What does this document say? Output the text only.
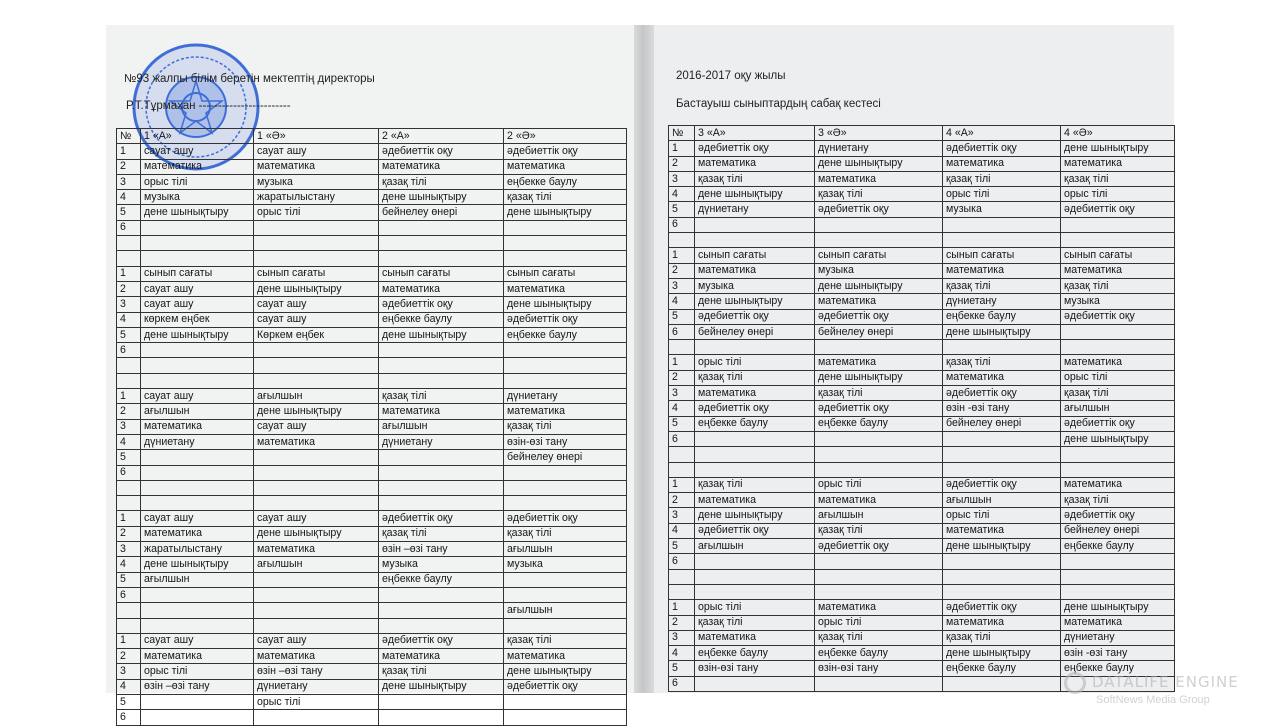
№93 жалпы білім беретін мектептің директоры
Р.Т.Тұрмахан ------------------------
№	1 «А»	1 «Ә»	2 «А»	2 «Ә»
1	сауат ашу	сауат ашу	әдебиеттік оқу	әдебиеттік оқу
2	математика	математика	математика	математика
3	орыс тілі	музыка	қазақ тілі	еңбекке баулу
4	музыка	жаратылыстану	дене шынықтыру	қазақ тілі
5	дене шынықтыру	орыс тілі	бейнелеу өнері	дене шынықтыру
6				

1	сынып сағаты	сынып сағаты	сынып сағаты	сынып сағаты
2	сауат ашу	дене шынықтыру	математика	математика
3	сауат ашу	сауат ашу	әдебиеттік оқу	дене шынықтыру
4	көркем еңбек	сауат ашу	еңбекке баулу	әдебиеттік оқу
5	дене шынықтыру	Көркем еңбек	дене шынықтыру	еңбекке баулу
6				

1	сауат ашу	ағылшын	қазақ тілі	дүниетану
2	ағылшын	дене шынықтыру	математика	математика
3	математика	сауат ашу	ағылшын	қазақ тілі
4	дүниетану	математика	дүниетану	өзін-өзі тану
5				бейнелеу өнері
6				

1	сауат ашу	сауат ашу	әдебиеттік оқу	әдебиеттік оқу
2	математика	дене шынықтыру	қазақ тілі	қазақ тілі
3	жаратылыстану	математика	өзін –өзі тану	ағылшын
4	дене шынықтыру	ағылшын	музыка	музыка
5	ағылшын		еңбекке баулу	
6				
				ағылшын

1	сауат ашу	сауат ашу	әдебиеттік оқу	қазақ тілі
2	математика	математика	математика	математика
3	орыс тілі	өзін –өзі тану	қазақ тілі	дене шынықтыру
4	өзін –өзі тану	дүниетану	дене шынықтыру	әдебиеттік оқу
5		орыс тілі		
6				
2016-2017 оқу жылы
Бастауыш сыныптардың сабақ кестесі
№	3 «А»	3 «Ә»	4 «А»	4 «Ә»
1	әдебиеттік оқу	дүниетану	әдебиеттік оқу	дене шынықтыру
2	математика	дене шынықтыру	математика	математика
3	қазақ тілі	математика	қазақ тілі	қазақ тілі
4	дене шынықтыру	қазақ тілі	орыс тілі	орыс тілі
5	дүниетану	әдебиеттік оқу	музыка	әдебиеттік оқу
6				

1	сынып сағаты	сынып сағаты	сынып сағаты	сынып сағаты
2	математика	музыка	математика	математика
3	музыка	дене шынықтыру	қазақ тілі	қазақ тілі
4	дене шынықтыру	математика	дүниетану	музыка
5	әдебиеттік оқу	әдебиеттік оқу	еңбекке баулу	әдебиеттік оқу
6	бейнелеу өнері	бейнелеу өнері	дене шынықтыру	

1	орыс тілі	математика	қазақ тілі	математика
2	қазақ тілі	дене шынықтыру	математика	орыс тілі
3	математика	қазақ тілі	әдебиеттік оқу	қазақ тілі
4	әдебиеттік оқу	әдебиеттік оқу	өзін -өзі тану	ағылшын
5	еңбекке баулу	еңбекке баулу	бейнелеу өнері	әдебиеттік оқу
6				дене шынықтыру

1	қазақ тілі	орыс тілі	әдебиеттік оқу	математика
2	математика	математика	ағылшын	қазақ тілі
3	дене шынықтыру	ағылшын	орыс тілі	әдебиеттік оқу
4	әдебиеттік оқу	қазақ тілі	математика	бейнелеу өнері
5	ағылшын	әдебиеттік оқу	дене шынықтыру	еңбекке баулу
6				

1	орыс тілі	математика	әдебиеттік оқу	дене шынықтыру
2	қазақ тілі	орыс тілі	математика	математика
3	математика	қазақ тілі	қазақ тілі	дүниетану
4	еңбекке баулу	еңбекке баулу	дене шынықтыру	өзін -өзі тану
5	өзін-өзі тану	өзін-өзі тану	еңбекке баулу	еңбекке баулу
6					DATALIFE ENGINE
SoftNews Media Group
